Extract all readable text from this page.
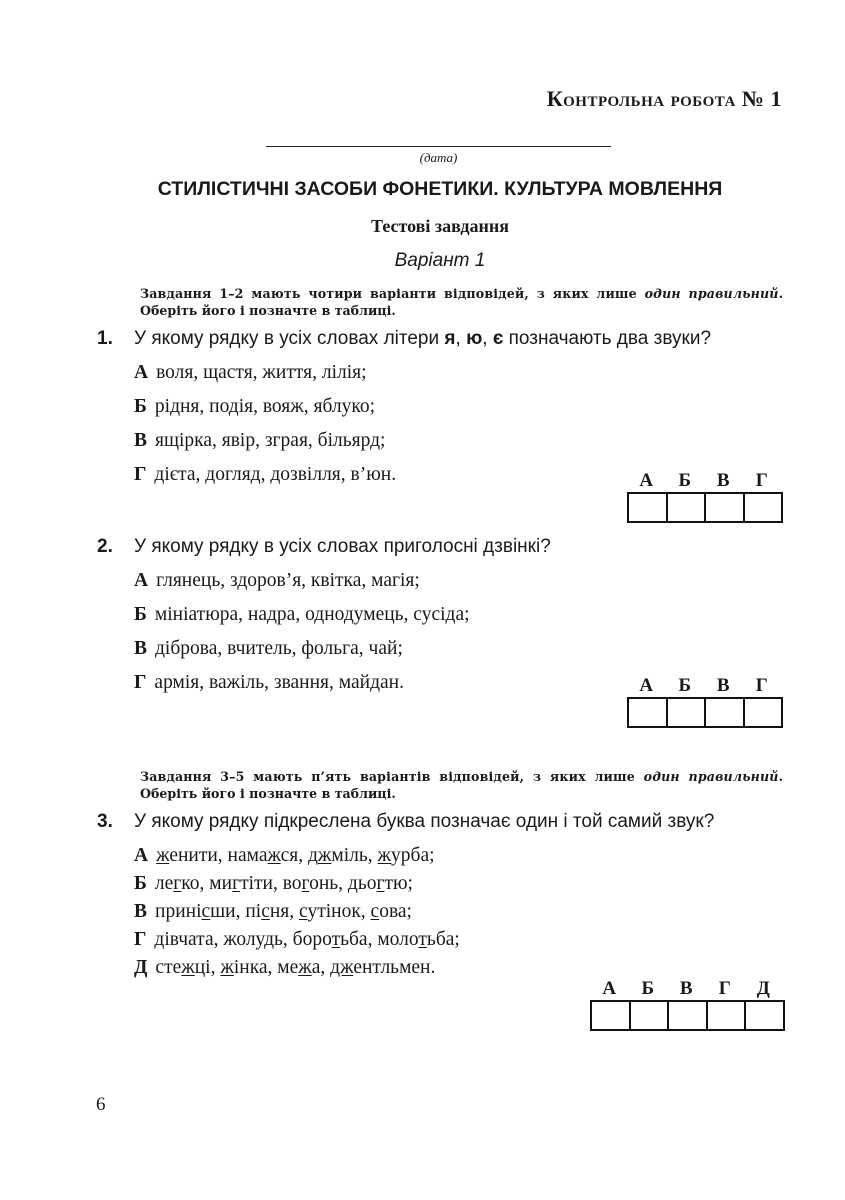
Контрольна робота № 1
(дата)
СТИЛІСТИЧНІ ЗАСОБИ ФОНЕТИКИ. КУЛЬТУРА МОВЛЕННЯ
Тестові завдання
Варіант 1
Завдання 1–2 мають чотири варіанти відповідей, з яких лише один правильний. Оберіть його і позначте в таблиці.
1. У якому рядку в усіх словах літери я, ю, є позначають два звуки?
А воля, щастя, життя, лілія;
Б рідня, подія, вояж, яблуко;
В ящірка, явір, зграя, більярд;
Г дієта, догляд, дозвілля, в’юн.	А	Б	В	Г
2. У якому рядку в усіх словах приголосні дзвінкі?
А глянець, здоров’я, квітка, магія;
Б мініатюра, надра, однодумець, сусіда;
В діброва, вчитель, фольга, чай;
Г армія, важіль, звання, майдан.	А	Б	В	Г
Завдання 3–5 мають п’ять варіантів відповідей, з яких лише один правильний. Оберіть його і позначте в таблиці.
3. У якому рядку підкреслена буква позначає один і той самий звук?
А женити, намажся, джміль, журба;
Б легко, мигтіти, вогонь, дьогтю;
В принісши, пісня, сутінок, сова;
Г дівчата, жолудь, боротьба, молотьба;
Д стежці, жінка, межа, джентльмен.
А	Б	В	Г	Д
6
